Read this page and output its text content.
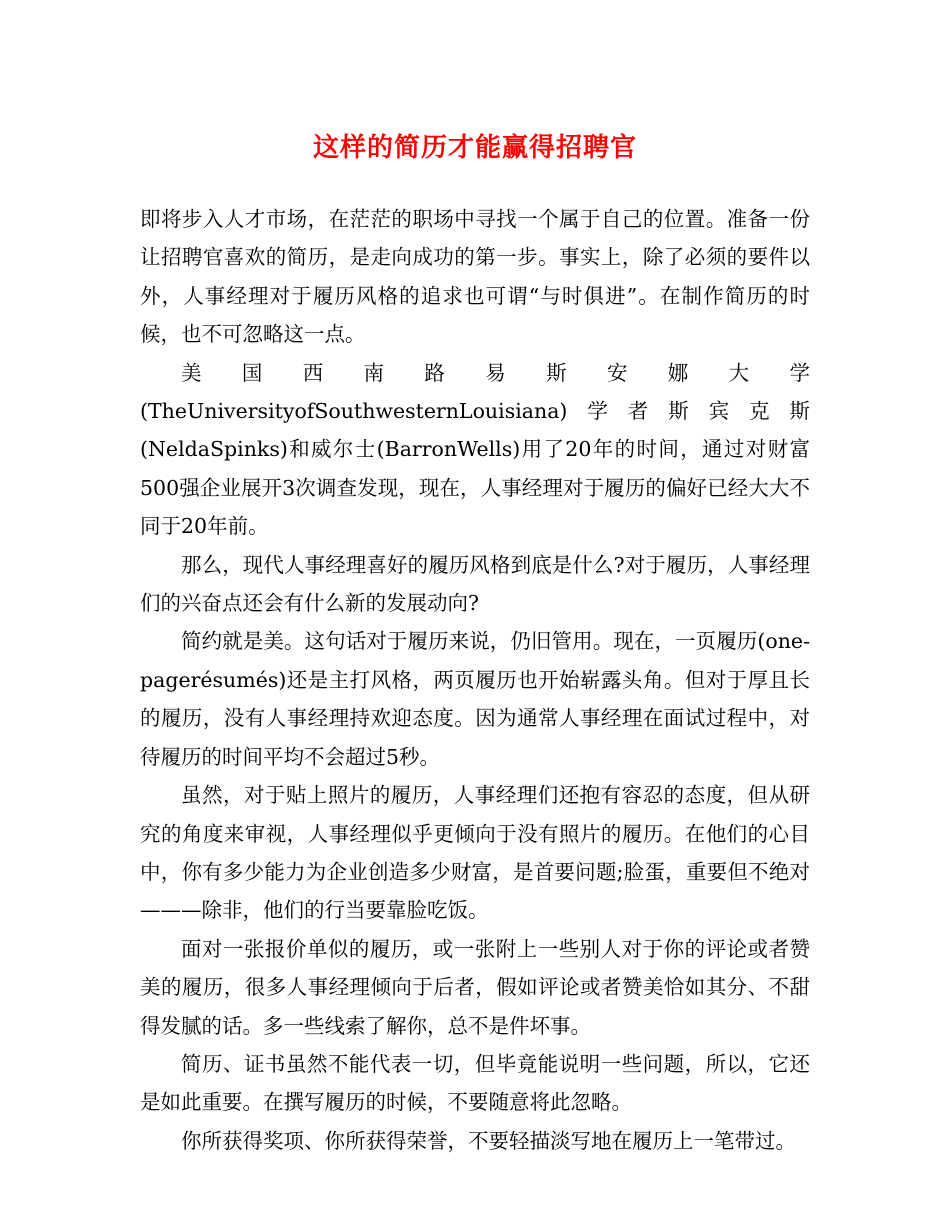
这样的简历才能赢得招聘官

即将步入人才市场，在茫茫的职场中寻找一个属于自己的位置。准备一份让招聘官喜欢的简历，是走向成功的第一步。事实上，除了必须的要件以外，人事经理对于履历风格的追求也可谓“与时俱进”。在制作简历的时候，也不可忽略这一点。

美国西南路易斯安娜大学(TheUniversityofSouthwesternLouisiana)学者斯宾克斯(NeldaSpinks)和威尔士(BarronWells)用了20年的时间，通过对财富500强企业展开3次调查发现，现在，人事经理对于履历的偏好已经大大不同于20年前。

那么，现代人事经理喜好的履历风格到底是什么?对于履历，人事经理们的兴奋点还会有什么新的发展动向?

简约就是美。这句话对于履历来说，仍旧管用。现在，一页履历(one-pagerésumés)还是主打风格，两页履历也开始崭露头角。但对于厚且长的履历，没有人事经理持欢迎态度。因为通常人事经理在面试过程中，对待履历的时间平均不会超过5秒。

虽然，对于贴上照片的履历，人事经理们还抱有容忍的态度，但从研究的角度来审视，人事经理似乎更倾向于没有照片的履历。在他们的心目中，你有多少能力为企业创造多少财富，是首要问题;脸蛋，重要但不绝对———除非，他们的行当要靠脸吃饭。

面对一张报价单似的履历，或一张附上一些别人对于你的评论或者赞美的履历，很多人事经理倾向于后者，假如评论或者赞美恰如其分、不甜得发腻的话。多一些线索了解你，总不是件坏事。

简历、证书虽然不能代表一切，但毕竟能说明一些问题，所以，它还是如此重要。在撰写履历的时候，不要随意将此忽略。

你所获得奖项、你所获得荣誉，不要轻描淡写地在履历上一笔带过。
